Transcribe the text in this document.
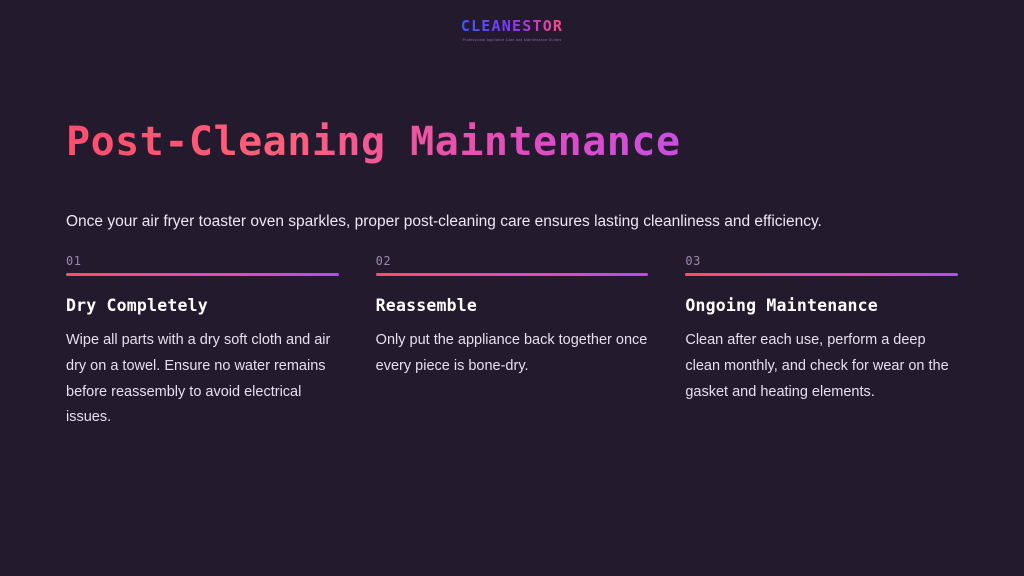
CLEANESTOR
Professional Appliance Care and Maintenance Guides
Post-Cleaning Maintenance

Once your air fryer toaster oven sparkles, proper post-cleaning care ensures lasting cleanliness and efficiency.

01
Dry Completely
Wipe all parts with a dry soft cloth and air dry on a towel. Ensure no water remains before reassembly to avoid electrical issues.
02
Reassemble
Only put the appliance back together once every piece is bone-dry.
03
Ongoing Maintenance
Clean after each use, perform a deep clean monthly, and check for wear on the gasket and heating elements.
